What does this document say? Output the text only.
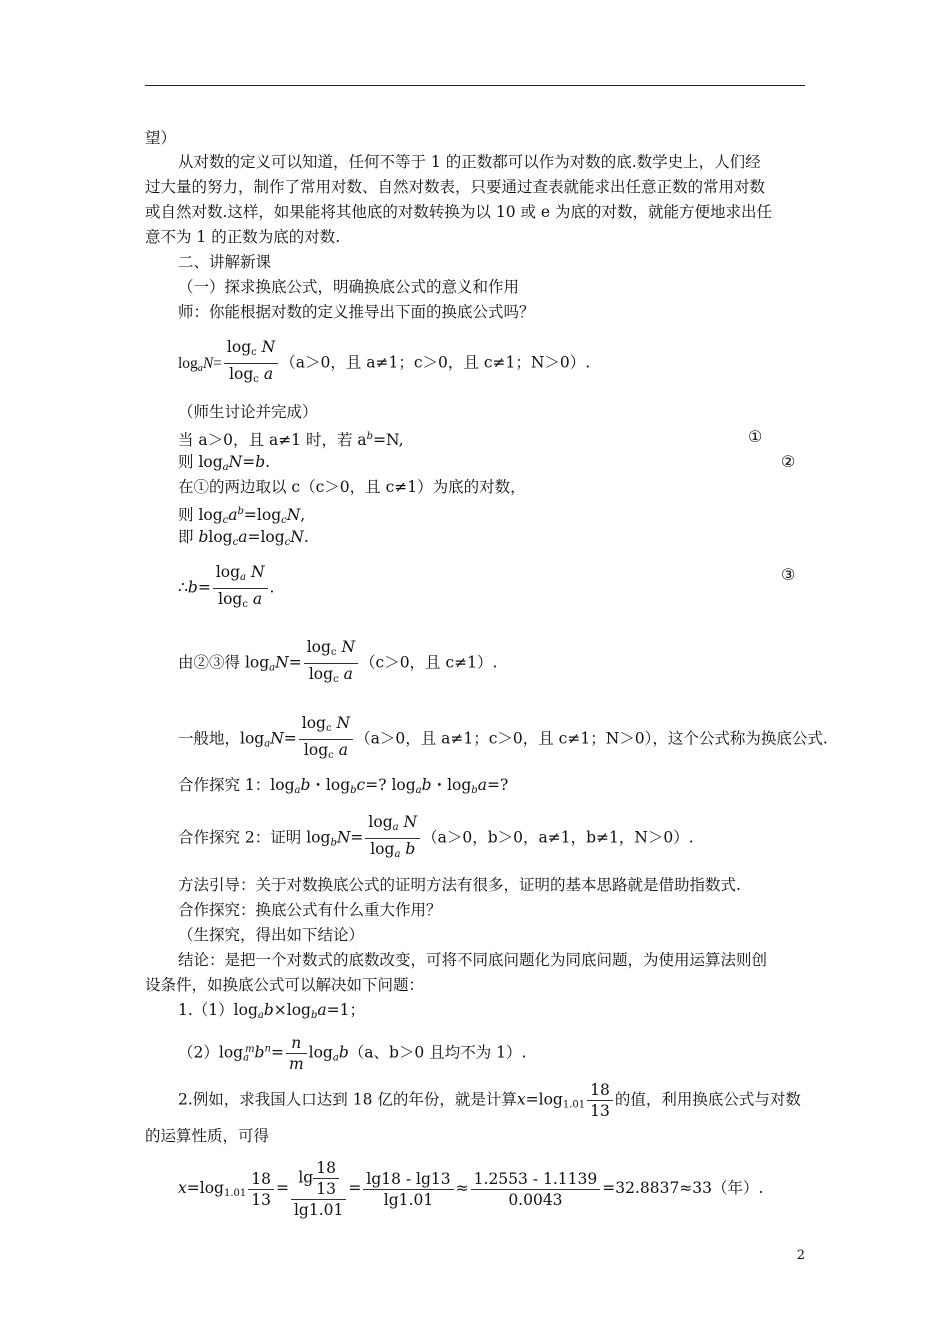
望）
从对数的定义可以知道，任何不等于 1 的正数都可以作为对数的底.数学史上，人们经
过大量的努力，制作了常用对数、自然对数表，只要通过查表就能求出任意正数的常用对数
或自然对数.这样，如果能将其他底的对数转换为以 10 或 e 为底的对数，就能方便地求出任
意不为 1 的正数为底的对数.
二、讲解新课
（一）探求换底公式，明确换底公式的意义和作用
师：你能根据对数的定义推导出下面的换底公式吗？
logaN= $\frac{\text{logc N}}{\text{logc a}} (a>0$，且 a≠1；c＞0，且 c≠1；N＞0）.
（师生讨论并完成）
当 a＞0，且 a≠1 时，若 $a^b=N$,	①
则 logaN=b.	②
在①的两边取以 c（c＞0，且 c≠1）为底的对数，
则 logca$^b$=logcN,
即 blogca=logcN.
∴b= $\frac{\text{loga N}}{\text{logc a}}$ .
③
由②③得 logaN= $\frac{\text{logc N}}{\text{logc a}} (c>0$，且 c≠1）.
一般地，logaN= $\frac{\text{logc N}}{\text{logc a}} (a>0$，且 a≠1；c＞0，且 c≠1；N＞0），这个公式称为换底公式.
合作探究 1：logab・logbc=? logab・logba=?
合作探究 2：证明 logbN= $\frac{\text{loga N}}{\text{loga b}} (a>0$，b＞0，a≠1，b≠1，N＞0）.
方法引导：关于对数换底公式的证明方法有很多，证明的基本思路就是借助指数式.
合作探究：换底公式有什么重大作用？
（生探究，得出如下结论）
结论：是把一个对数式的底数改变，可将不同底问题化为同底问题，为使用运算法则创
设条件，如换底公式可以解决如下问题：
1.（1）logab×logba=1；
$(2)\log a^mb^n= \frac{n}{m}$ logab（a、b＞0 且均不为 1）.
2.例如，求我国人口达到 18 亿的年份，就是计算$x=\log 1.01 \frac{18}{13}$ 的值，利用换底公式与对数
的运算性质，可得
$x=\log 1.01 \frac{18}{13} = \frac{\lg \frac{18}{13}}{\lg 1.01} = \frac{\lg 18 - \lg 13}{\lg 1.01} \approx \frac{1.2553 - 1.1139}{0.0043} =32.8837\approx 33$（年）.
2
